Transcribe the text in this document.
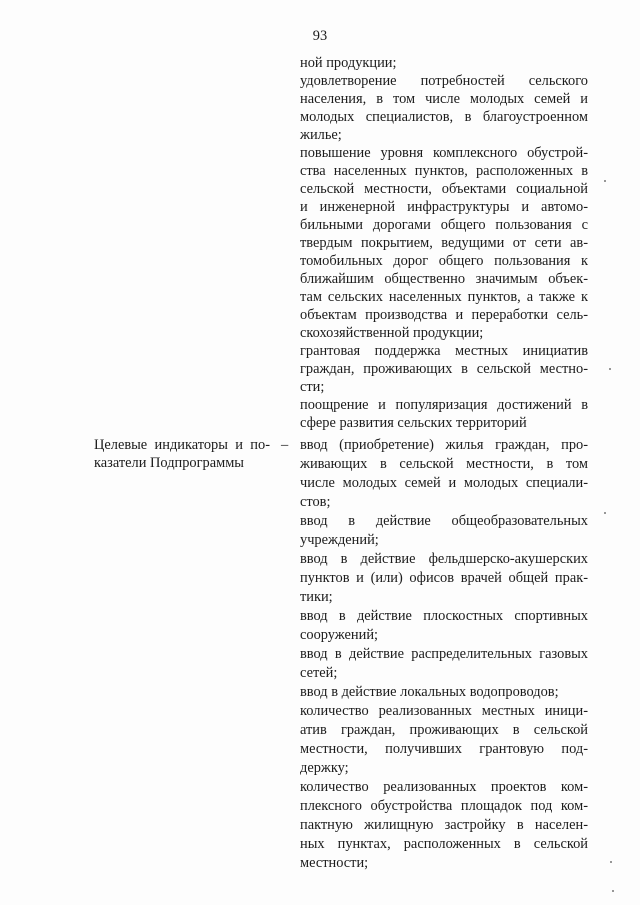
93
ной продукции;
удовлетворение потребностей сельского
населения, в том числе молодых семей и
молодых специалистов, в благоустроенном
жилье;
повышение уровня комплексного обустрой-
ства населенных пунктов, расположенных в
сельской местности, объектами социальной
и инженерной инфраструктуры и автомо-
бильными дорогами общего пользования с
твердым покрытием, ведущими от сети ав-
томобильных дорог общего пользования к
ближайшим общественно значимым объек-
там сельских населенных пунктов, а также к
объектам производства и переработки сель-
скохозяйственной продукции;
грантовая поддержка местных инициатив
граждан, проживающих в сельской местно-
сти;
поощрение и популяризация достижений в
сфере развития сельских территорий
Целевые индикаторы и по-
казатели Подпрограммы
– ввод (приобретение) жилья граждан, про-
живающих в сельской местности, в том
числе молодых семей и молодых специали-
стов;
ввод в действие общеобразовательных
учреждений;
ввод в действие фельдшерско-акушерских
пунктов и (или) офисов врачей общей прак-
тики;
ввод в действие плоскостных спортивных
сооружений;
ввод в действие распределительных газовых
сетей;
ввод в действие локальных водопроводов;
количество реализованных местных иници-
атив граждан, проживающих в сельской
местности, получивших грантовую под-
держку;
количество реализованных проектов ком-
плексного обустройства площадок под ком-
пактную жилищную застройку в населен-
ных пунктах, расположенных в сельской
местности;
